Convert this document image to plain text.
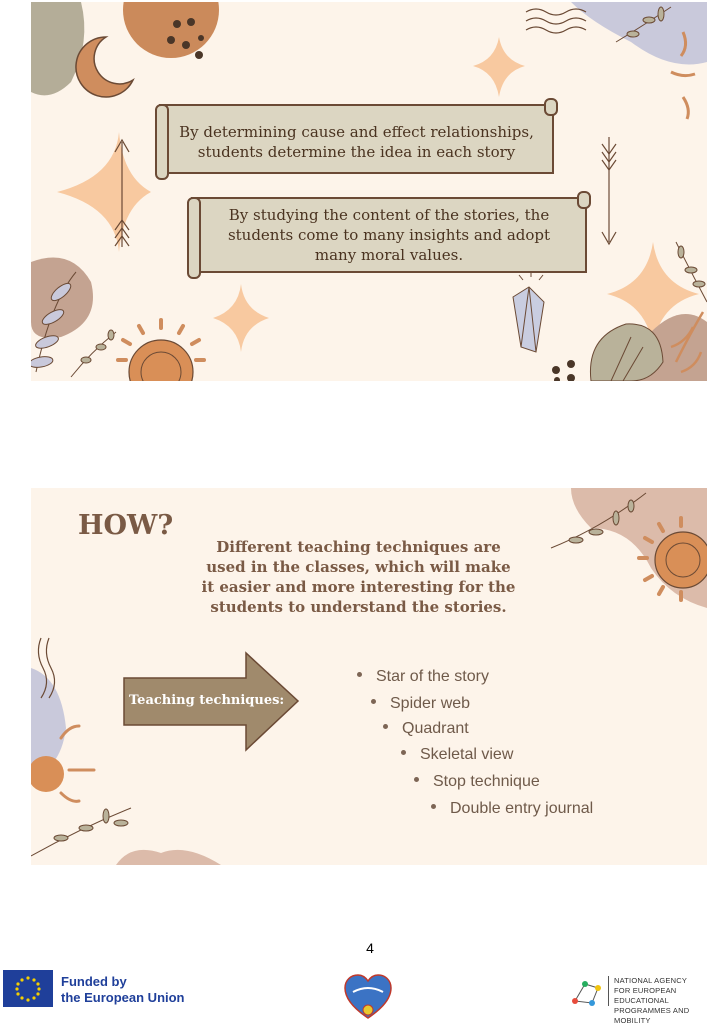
By determining cause and effect relationships, students determine the idea in each story
By studying the content of the stories, the students come to many insights and adopt many moral values.
HOW?
Different teaching techniques are used in the classes, which will make it easier and more interesting for the students to understand the stories.
Teaching techniques:
Star of the story
Spider web
Quadrant
Skeletal view
Stop technique
Double entry journal
4
Funded by
the European Union
NATIONAL AGENCY
FOR EUROPEAN EDUCATIONAL
PROGRAMMES AND MOBILITY
